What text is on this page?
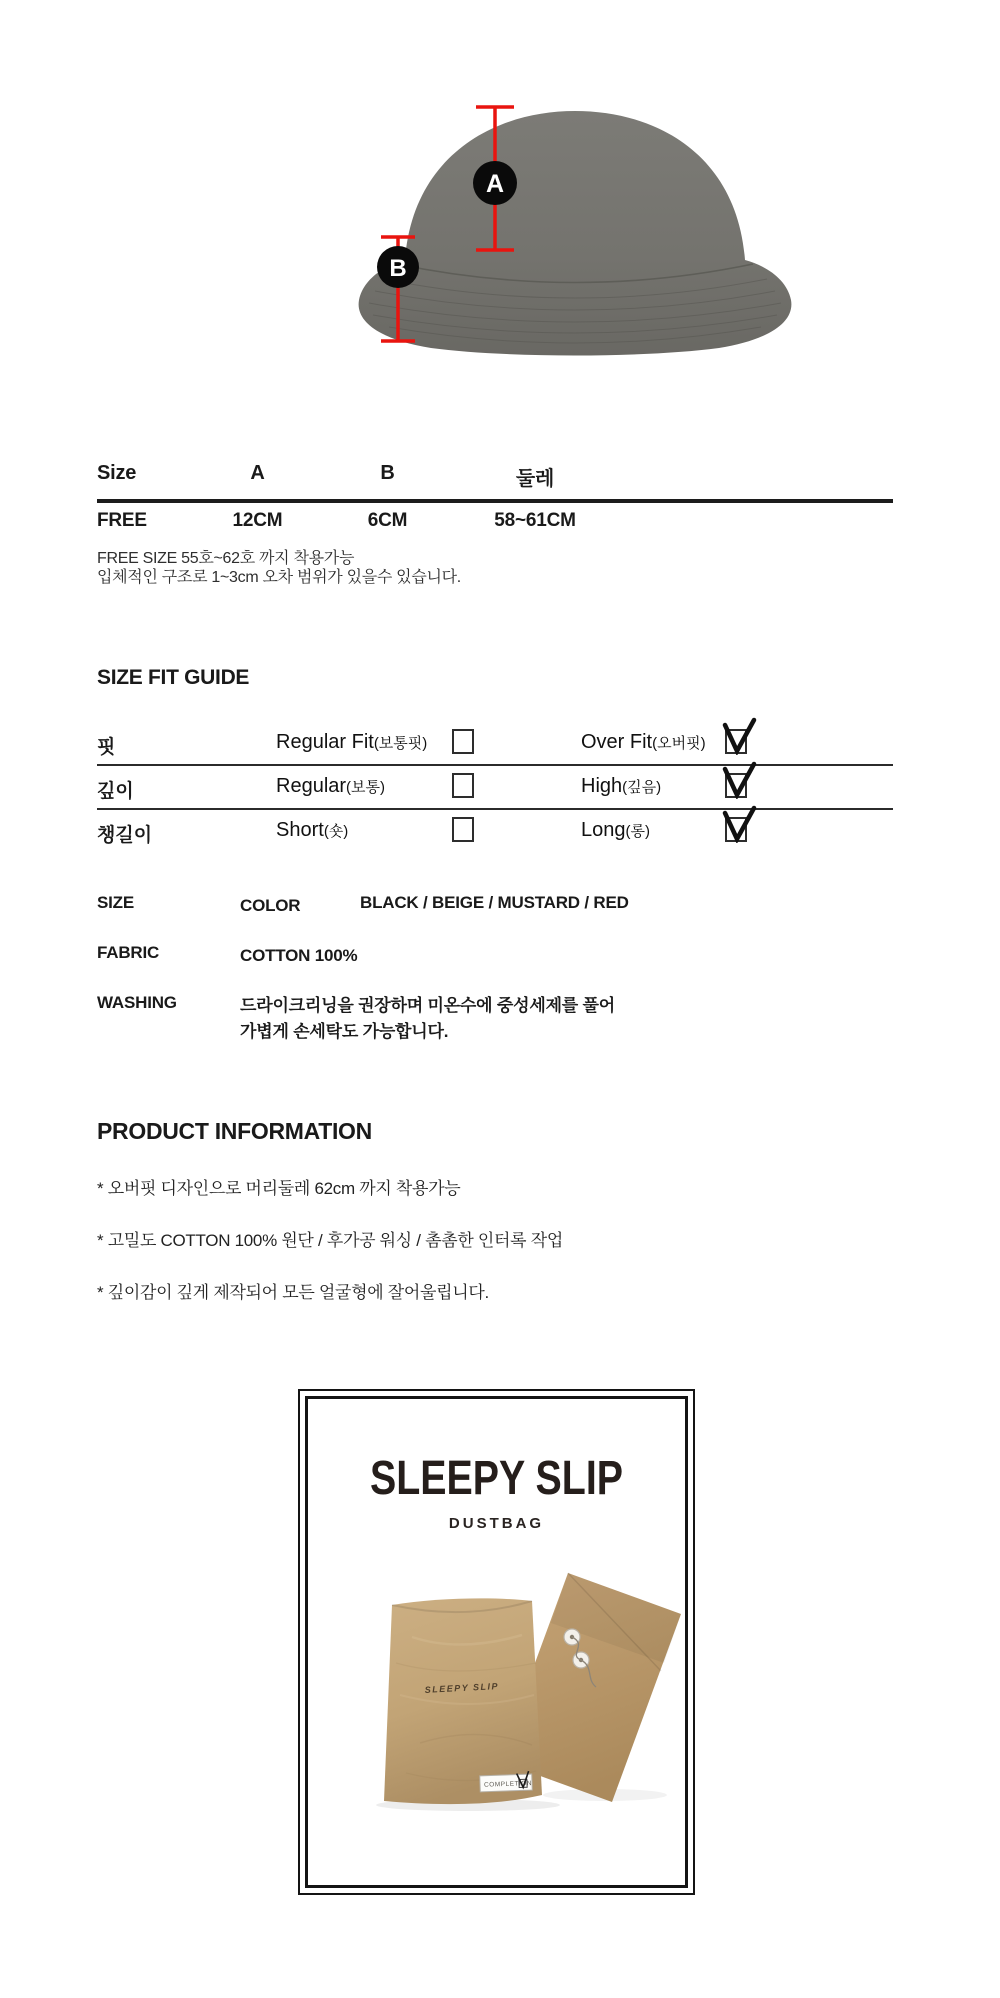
A
B
Size	A	B	둘레
FREE	12CM	6CM	58~61CM
FREE SIZE 55호~62호 까지 착용가능
입체적인 구조로 1~3cm 오차 범위가 있을수 있습니다.
SIZE FIT GUIDE
핏	Regular Fit(보통핏)	Over Fit(오버핏)
깊이	Regular(보통)	High(깊음)
챙길이	Short(숏)	Long(롱)
SIZE	COLOR	BLACK / BEIGE / MUSTARD / RED
FABRIC	COTTON 100%
WASHING	드라이크리닝을 권장하며 미온수에 중성세제를 풀어
가볍게 손세탁도 가능합니다.
PRODUCT INFORMATION
* 오버핏 디자인으로 머리둘레 62cm 까지 착용가능
* 고밀도 COTTON 100% 원단 / 후가공 워싱 / 촘촘한 인터록 작업
* 깊이감이 깊게 제작되어 모든 얼굴형에 잘어울립니다.
SLEEPY SLIP
DUSTBAG
SLEEPY SLIP
COMPLETION
